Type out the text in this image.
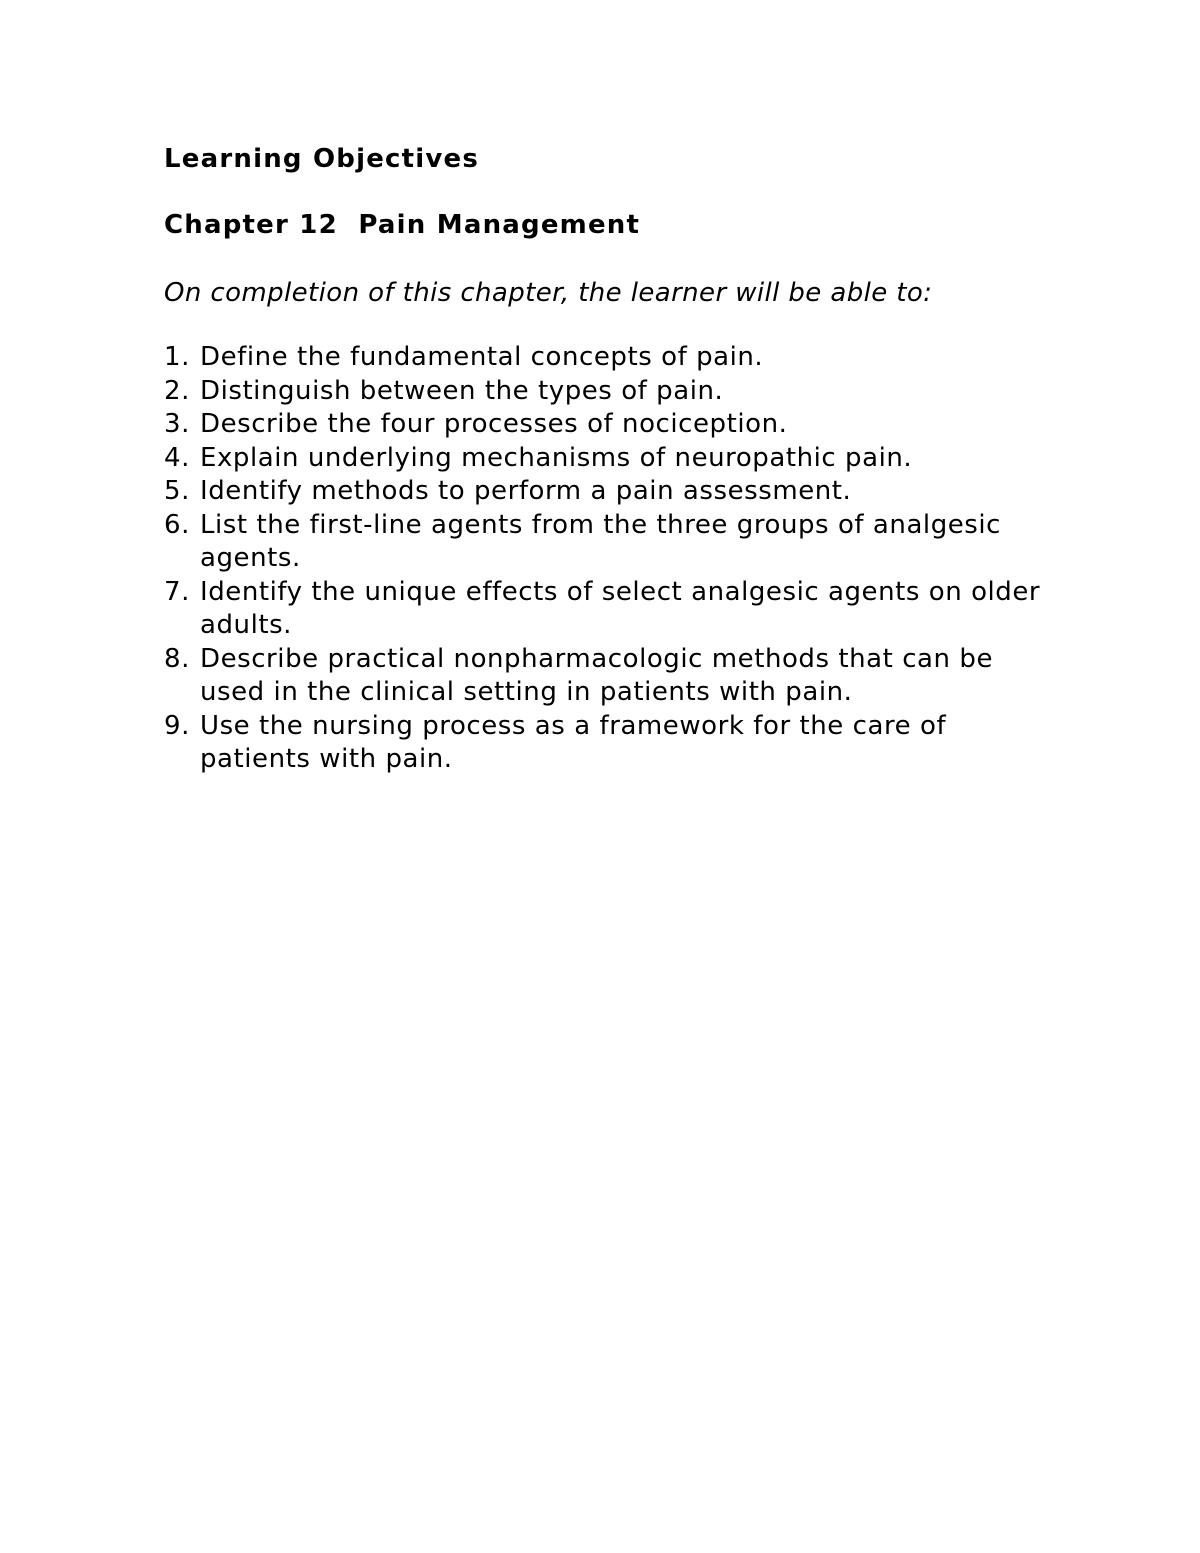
Learning Objectives
Chapter 12  Pain Management

On completion of this chapter, the learner will be able to:

1. Define the fundamental concepts of pain.
2. Distinguish between the types of pain.
3. Describe the four processes of nociception.
4. Explain underlying mechanisms of neuropathic pain.
5. Identify methods to perform a pain assessment.
6. List the first-line agents from the three groups of analgesic agents.
7. Identify the unique effects of select analgesic agents on older adults.
8. Describe practical nonpharmacologic methods that can be used in the clinical setting in patients with pain.
9. Use the nursing process as a framework for the care of patients with pain.
